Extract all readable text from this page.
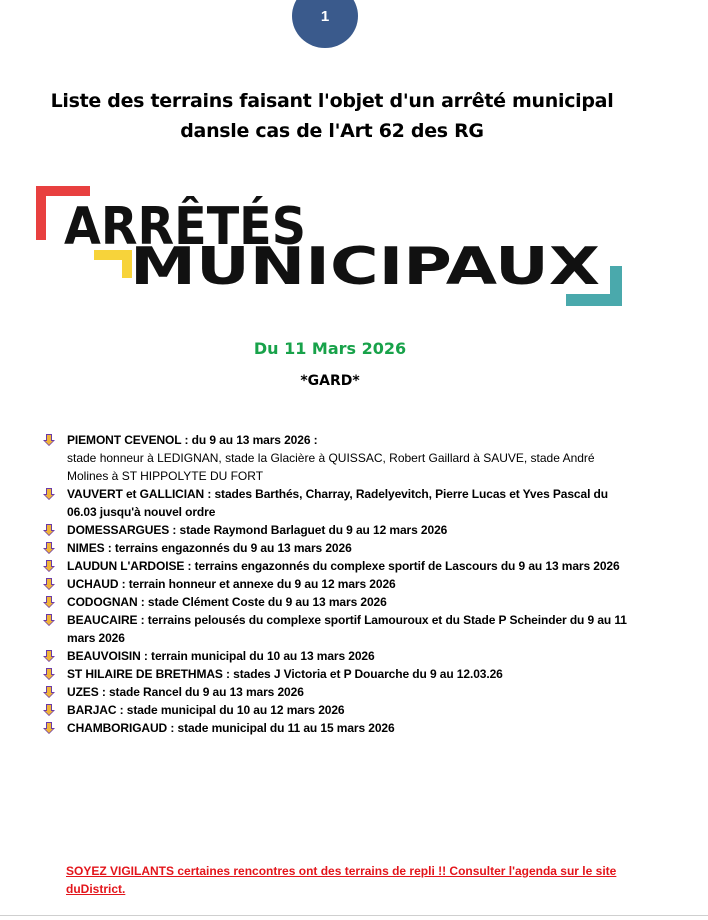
1
Liste des terrains faisant l'objet d'un arrêté municipal
dansle cas de l'Art 62 des RG
ARRÊTÉS
MUNICIPAUX
Du 11 Mars 2026
*GARD*
PIEMONT CEVENOL : du 9 au 13 mars 2026 :
stade honneur à LEDIGNAN, stade la Glacière à QUISSAC, Robert Gaillard à SAUVE, stade André Molines à ST HIPPOLYTE DU FORT
VAUVERT et GALLICIAN : stades Barthés, Charray, Radelyevitch, Pierre Lucas et Yves Pascal du 06.03 jusqu'à nouvel ordre
DOMESSARGUES : stade Raymond Barlaguet du 9 au 12 mars 2026
NIMES : terrains engazonnés du 9 au 13 mars 2026
LAUDUN L'ARDOISE : terrains engazonnés du complexe sportif de Lascours du 9 au 13 mars 2026
UCHAUD : terrain honneur et annexe du 9 au 12 mars 2026
CODOGNAN : stade Clément Coste du 9 au 13 mars 2026
BEAUCAIRE : terrains pelousés du complexe sportif Lamouroux et du Stade P Scheinder du 9 au 11 mars 2026
BEAUVOISIN : terrain municipal du 10 au 13 mars 2026
ST HILAIRE DE BRETHMAS : stades J Victoria et P Douarche du 9 au 12.03.26
UZES : stade Rancel du 9 au 13 mars 2026
BARJAC : stade municipal du 10 au 12 mars 2026
CHAMBORIGAUD : stade municipal du 11 au 15 mars 2026
SOYEZ VIGILANTS certaines rencontres ont des terrains de repli !! Consulter l'agenda sur le site duDistrict.
